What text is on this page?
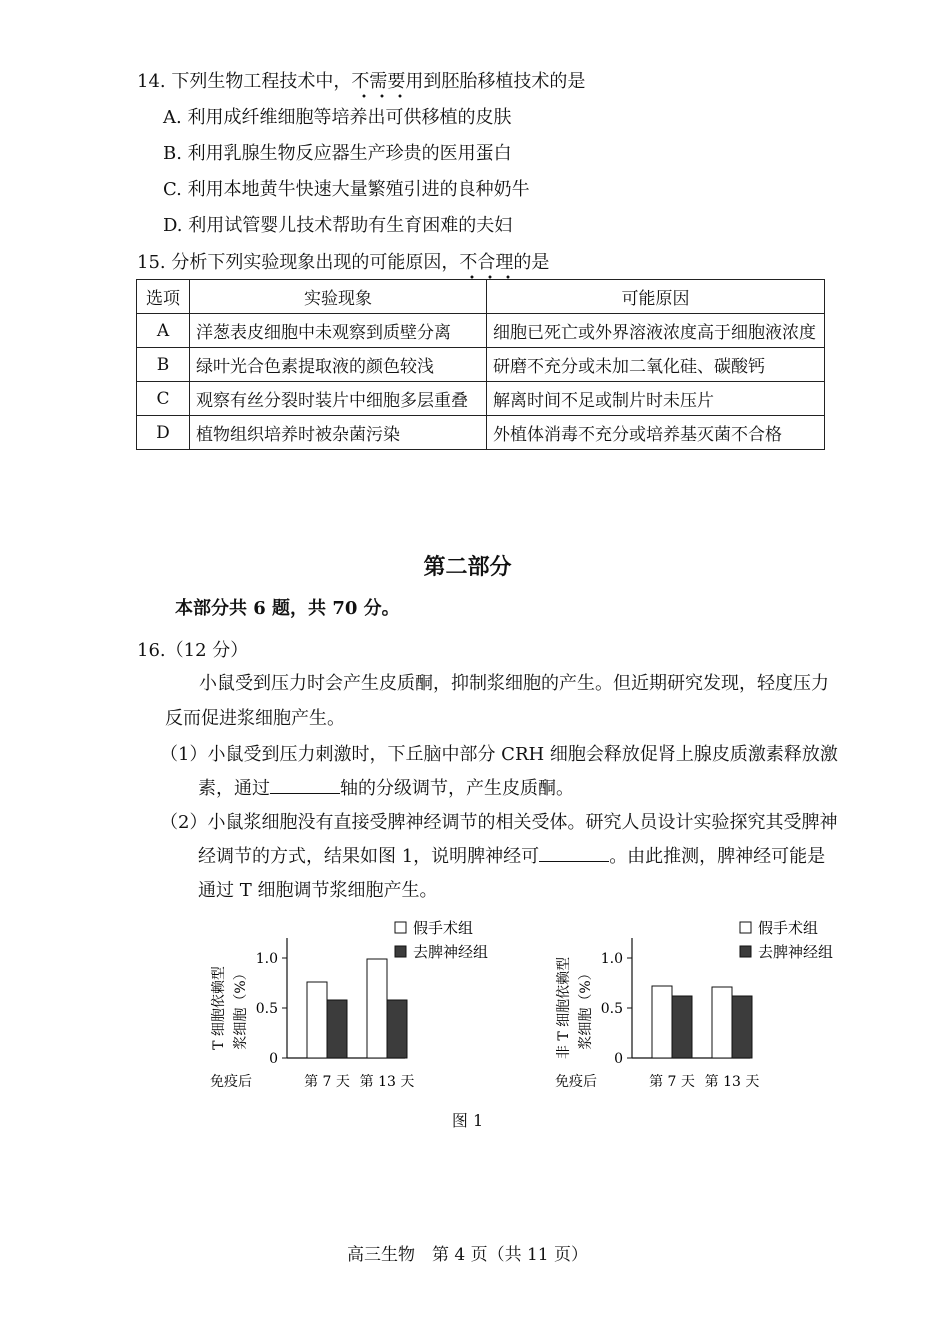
14. 下列生物工程技术中，不需要用到胚胎移植技术的是
A. 利用成纤维细胞等培养出可供移植的皮肤
B. 利用乳腺生物反应器生产珍贵的医用蛋白
C. 利用本地黄牛快速大量繁殖引进的良种奶牛
D. 利用试管婴儿技术帮助有生育困难的夫妇
15. 分析下列实验现象出现的可能原因，不合理的是
选项	实验现象	可能原因
A	洋葱表皮细胞中未观察到质壁分离	细胞已死亡或外界溶液浓度高于细胞液浓度
B	绿叶光合色素提取液的颜色较浅	研磨不充分或未加二氧化硅、碳酸钙
C	观察有丝分裂时装片中细胞多层重叠	解离时间不足或制片时未压片
D	植物组织培养时被杂菌污染	外植体消毒不充分或培养基灭菌不合格
第二部分
本部分共 6 题，共 70 分。
16.（12 分）
小鼠受到压力时会产生皮质酮，抑制浆细胞的产生。但近期研究发现，轻度压力
反而促进浆细胞产生。
（1）小鼠受到压力刺激时，下丘脑中部分 CRH 细胞会释放促肾上腺皮质激素释放激
素，通过	轴的分级调节，产生皮质酮。
（2）小鼠浆细胞没有直接受脾神经调节的相关受体。研究人员设计实验探究其受脾神
经调节的方式，结果如图 1，说明脾神经可	。由此推测，脾神经可能是
通过 T 细胞调节浆细胞产生。
T 细胞依赖型 浆细胞（%）
0
0.5
1.0
第 7 天 第 13 天
免疫后
假手术组
去脾神经组
非 T 细胞依赖型 浆细胞（%）
0
0.5
1.0
第 7 天 第 13 天
免疫后
假手术组
去脾神经组
图 1
高三生物　第 4 页（共 11 页）
